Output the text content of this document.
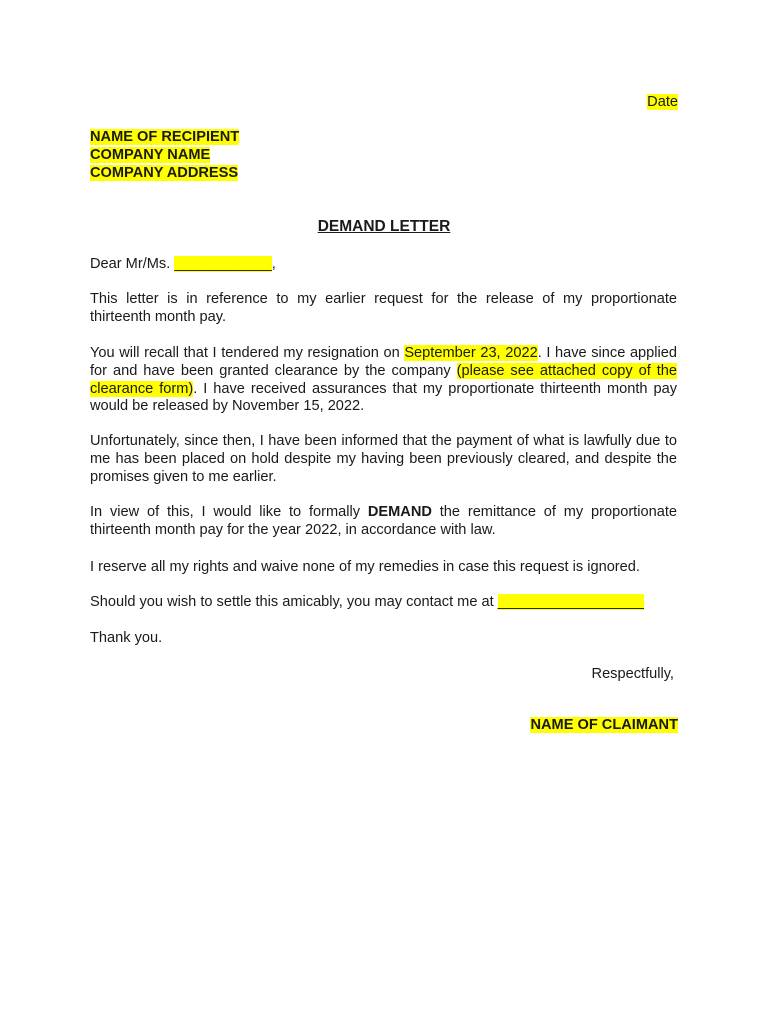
Date
NAME OF RECIPIENT
COMPANY NAME
COMPANY ADDRESS
DEMAND LETTER
Dear Mr/Ms. ____________,
This letter is in reference to my earlier request for the release of my proportionate thirteenth month pay.
You will recall that I tendered my resignation on September 23, 2022. I have since applied for and have been granted clearance by the company (please see attached copy of the clearance form). I have received assurances that my proportionate thirteenth month pay would be released by November 15, 2022.
Unfortunately, since then, I have been informed that the payment of what is lawfully due to me has been placed on hold despite my having been previously cleared, and despite the promises given to me earlier.
In view of this, I would like to formally DEMAND the remittance of my proportionate thirteenth month pay for the year 2022, in accordance with law.
I reserve all my rights and waive none of my remedies in case this request is ignored.
Should you wish to settle this amicably, you may contact me at __________________
Thank you.
Respectfully,
NAME OF CLAIMANT
